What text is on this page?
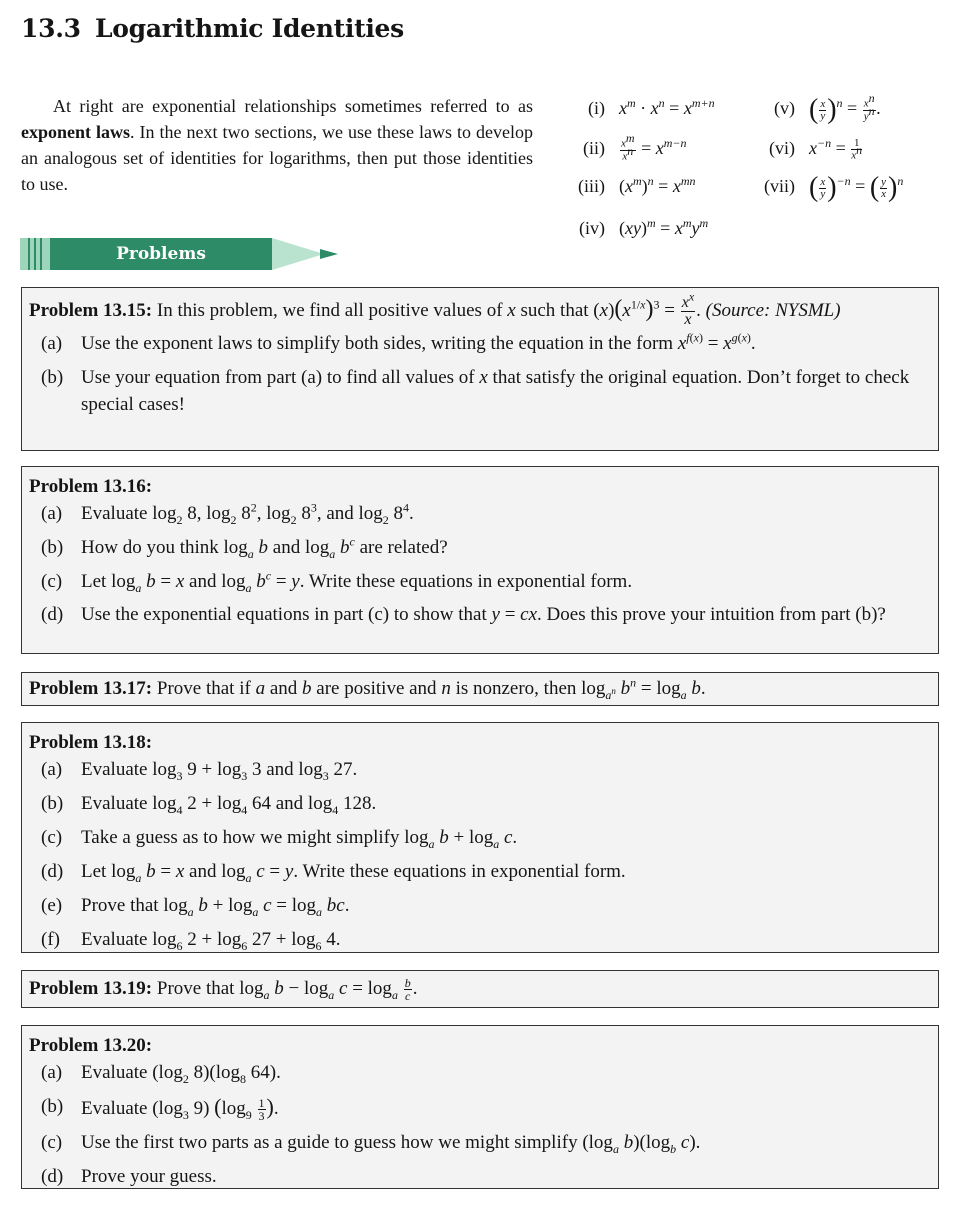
13.3 Logarithmic Identities
At right are exponential relationships sometimes referred to as exponent laws. In the next two sections, we use these laws to develop an analogous set of identities for logarithms, then put those identities to use.
(i) $x^m \cdot x^n = x^{m+n}$
$(ii) \frac{x^m}{x^n} = x^{m-n}$
(iii) $(x^m)^n = x^{mn}$
(iv) $(xy)^m = x^my^m$
(v) ( $\frac{x}{y} )^n = \frac{x^n}{y^n}$ .
(vi) $x^{-n} = \frac{1}{x^n}$
(vii) ( $\frac{x}{y} )^{-n}$ = ( $\frac{y}{x} )^n$
Problems
Problem 13.15: In this problem, we find all positive values of x such that $(x)(x^{1/x})^3 = \frac{x^x}{x}$ . (Source: NYSML)
(a) Use the exponent laws to simplify both sides, writing the equation in the form $x^{f(x)} = x^{g(x)}$.
(b) Use your equation from part (a) to find all values of x that satisfy the original equation. Don’t forget to check special cases!
Problem 13.16:
(a) Evaluate $\log_2 8$, $\log_2 8^2$, $\log_2 8^3$, and $\log_2 8^4$.
(b) How do you think $\log_a b$ and $\log_a b^c$ are related?
(c) Let $\log_a b = x$ and $\log_a b^c = y$. Write these equations in exponential form.
(d) Use the exponential equations in part (c) to show that y = cx. Does this prove your intuition from part (b)?
Problem 13.17: Prove that if a and b are positive and n is nonzero, then $\log_{a^n} b^n = \log_a b$.
Problem 13.18:
(a) Evaluate $\log_3 9 + \log_3 3$ and $\log_3 27$.
(b) Evaluate $\log_4 2 + \log_4 64$ and $\log_4 128$.
(c) Take a guess as to how we might simplify $\log_a b + \log_a c$.
(d) Let $\log_a b = x$ and $\log_a c = y$. Write these equations in exponential form.
(e) Prove that $\log_a b + \log_a c = \log_a$ bc.
(f)	Evaluate $\log_6 2 + \log_6 27 + \log_6 4$.
Problem 13.19: Prove that $\log_a b - \log_a c = \log_a \frac{b}{c}$ .
Problem 13.20:
(a) Evaluate ($\log_2$ $8)(\log_8$ 64).
(b) Evaluate ($\log_3$ 9) ($\log_9 \frac{1}{3}$ ).
(c) Use the first two parts as a guide to guess how we might simplify ($\log_a$ $b)(\log_b$ c).
(d) Prove your guess.
